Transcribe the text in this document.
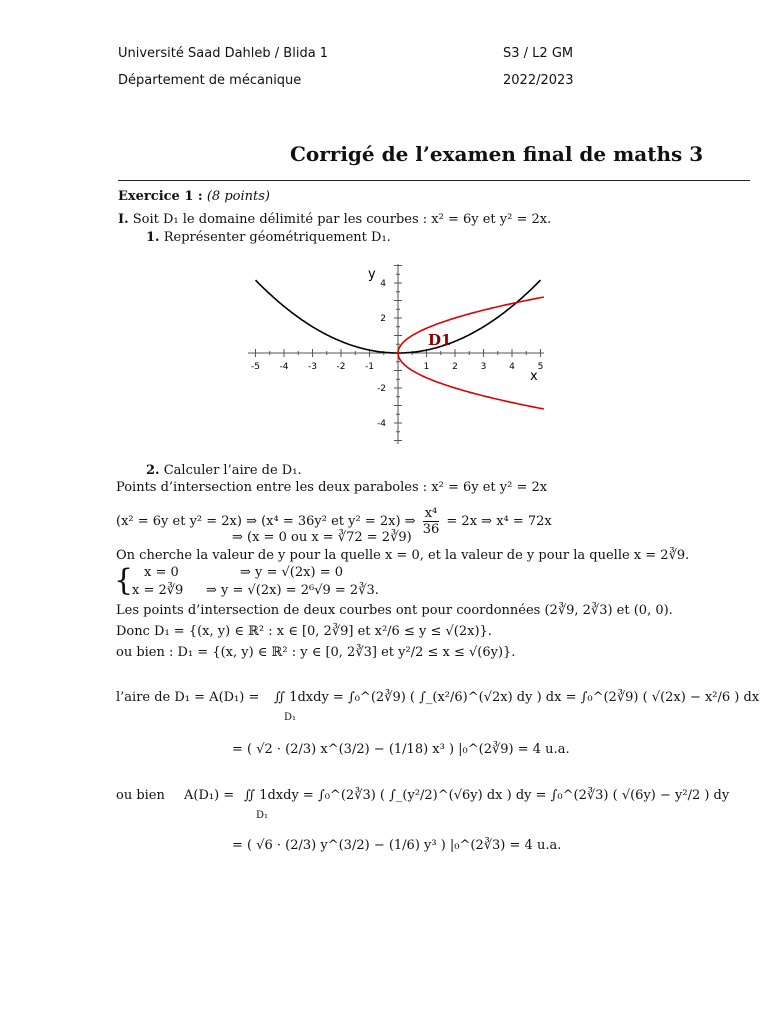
Université Saad Dahleb / Blida 1
Département de mécanique
S3 / L2 GM
2022/2023
Corrigé de l’examen final de maths 3
Exercice 1 : (8 points)
I. Soit D₁ le domaine délimité par les courbes : x² = 6y et y² = 2x.
1. Représenter géométriquement D₁.
y
x
D1
-5 -4 -3 -2 -1	1	2	3	4	5
4
2
-2
-4
2. Calculer l’aire de D₁.
Points d’intersection entre les deux paraboles : x² = 6y et y² = 2x
(x² = 6y et y² = 2x) ⇒ (x⁴ = 36y² et y² = 2x) ⇒ $\frac{\text{x⁴}}{36} = 2x$ ⇒ x⁴ = 72x
⇒ (x = 0 ou x = ∛72 = 2∛9)
On cherche la valeur de y pour la quelle x = 0, et la valeur de y pour la quelle x = 2∛9.
{ x = 0	⇒ y = √(2x) = 0
x = 2∛9 ⇒ y = √(2x) = 2⁶√9 = 2∛3.
Les points d’intersection de deux courbes ont pour coordonnées (2∛9, 2∛3) et (0, 0).
Donc D₁ = {(x, y) ∈ ℝ² : x ∈ [0, 2∛9] et x²/6 ≤ y ≤ √(2x)}.
ou bien : D₁ = {(x, y) ∈ ℝ² : y ∈ [0, 2∛3] et y²/2 ≤ x ≤ √(6y)}.
l’aire de D₁ = A(D₁) = ∬ 1dxdy = ∫₀^(2∛9) ( ∫_(x²/6)^(√2x) dy ) dx = ∫₀^(2∛9) ( √(2x) − x²/6 ) dx
D₁
= ( √2 · (2/3) x^(3/2) − (1/18) x³ ) |₀^(2∛9) = 4 u.a.
ou bien A(D₁) = ∬ 1dxdy = ∫₀^(2∛3) ( ∫_(y²/2)^(√6y) dx ) dy = ∫₀^(2∛3) ( √(6y) − y²/2 ) dy
D₁
= ( √6 · (2/3) y^(3/2) − (1/6) y³ ) |₀^(2∛3) = 4 u.a.
